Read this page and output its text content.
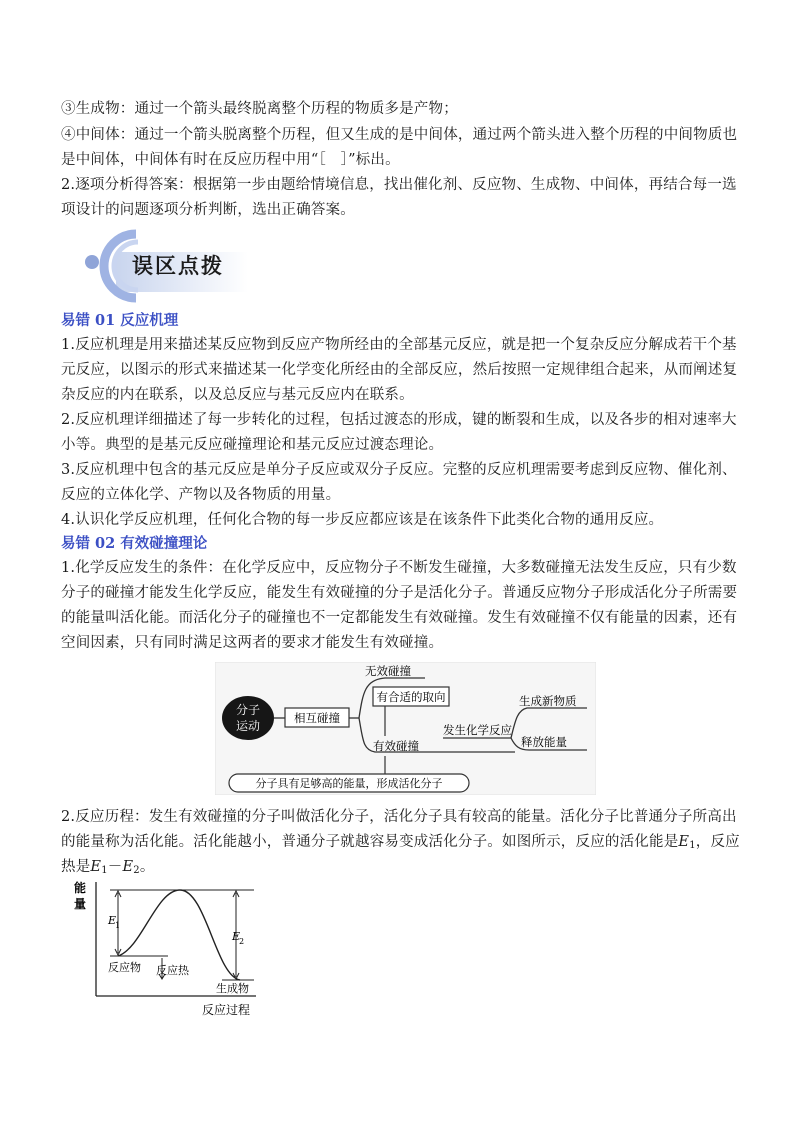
③生成物：通过一个箭头最终脱离整个历程的物质多是产物；

④中间体：通过一个箭头脱离整个历程，但又生成的是中间体，通过两个箭头进入整个历程的中间物质也

是中间体，中间体有时在反应历程中用“［　］”标出。

2.逐项分析得答案：根据第一步由题给情境信息，找出催化剂、反应物、生成物、中间体，再结合每一选

项设计的问题逐项分析判断，选出正确答案。

误区点拨

易错 01 反应机理

1.反应机理是用来描述某反应物到反应产物所经由的全部基元反应，就是把一个复杂反应分解成若干个基

元反应，以图示的形式来描述某一化学变化所经由的全部反应，然后按照一定规律组合起来，从而阐述复

杂反应的内在联系，以及总反应与基元反应内在联系。

2.反应机理详细描述了每一步转化的过程，包括过渡态的形成，键的断裂和生成，以及各步的相对速率大

小等。典型的是基元反应碰撞理论和基元反应过渡态理论。

3.反应机理中包含的基元反应是单分子反应或双分子反应。完整的反应机理需要考虑到反应物、催化剂、

反应的立体化学、产物以及各物质的用量。

4.认识化学反应机理，任何化合物的每一步反应都应该是在该条件下此类化合物的通用反应。

易错 02 有效碰撞理论

1.化学反应发生的条件：在化学反应中，反应物分子不断发生碰撞，大多数碰撞无法发生反应，只有少数

分子的碰撞才能发生化学反应，能发生有效碰撞的分子是活化分子。普通反应物分子形成活化分子所需要

的能量叫活化能。而活化分子的碰撞也不一定都能发生有效碰撞。发生有效碰撞不仅有能量的因素，还有

空间因素，只有同时满足这两者的要求才能发生有效碰撞。

分子
运动
相互碰撞
无效碰撞
有合适的取向
有效碰撞
发生化学反应
生成新物质
释放能量
分子具有足够高的能量，形成活化分子

2.反应历程：发生有效碰撞的分子叫做活化分子，活化分子具有较高的能量。活化分子比普通分子所高出

的能量称为活化能。活化能越小，普通分子就越容易变成活化分子。如图所示，反应的活化能是$E_1$，反应

热是$E_1-E_2$。

能
量
E
1
E
2
反应物 反应热
生成物
反应过程
